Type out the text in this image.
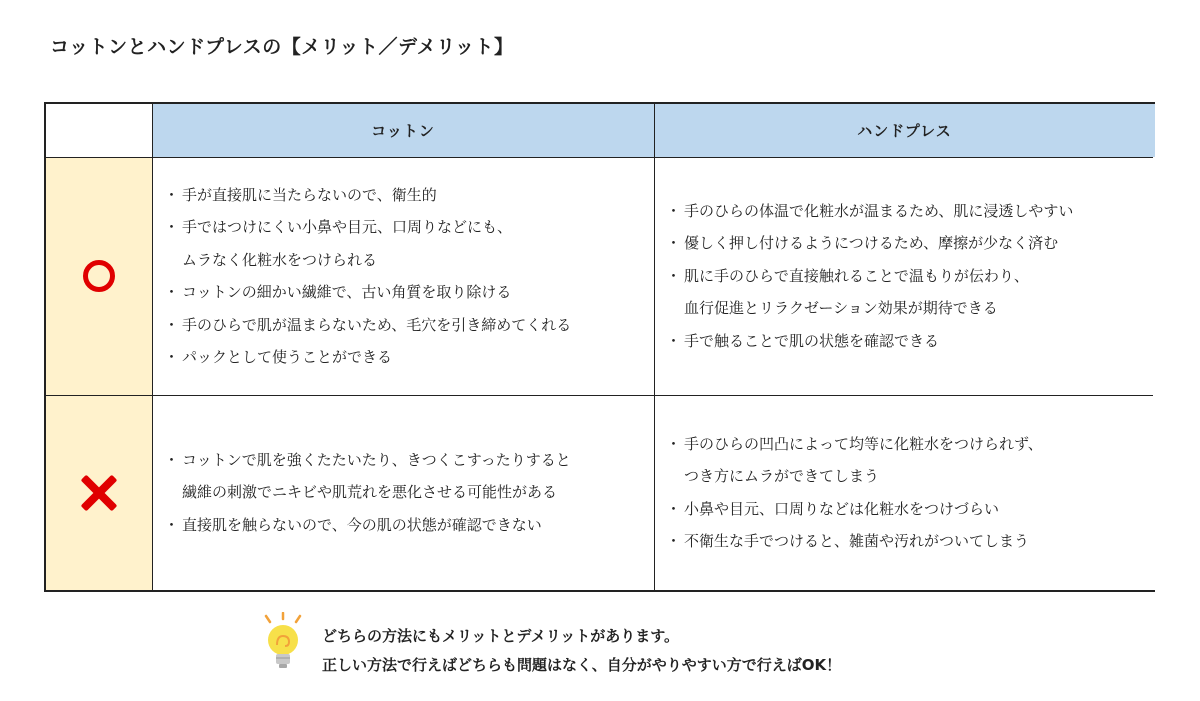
コットンとハンドプレスの【メリット／デメリット】
コットン	ハンドプレス
・ 手が直接肌に当たらないので、衛生的
・ 手ではつけにくい小鼻や目元、口周りなどにも、
ムラなく化粧水をつけられる
・ コットンの細かい繊維で、古い角質を取り除ける
・ 手のひらで肌が温まらないため、毛穴を引き締めてくれる
・ パックとして使うことができる
・ 手のひらの体温で化粧水が温まるため、肌に浸透しやすい
・ 優しく押し付けるようにつけるため、摩擦が少なく済む
・ 肌に手のひらで直接触れることで温もりが伝わり、
血行促進とリラクゼーション効果が期待できる
・ 手で触ることで肌の状態を確認できる
・ コットンで肌を強くたたいたり、きつくこすったりすると
繊維の刺激でニキビや肌荒れを悪化させる可能性がある
・ 直接肌を触らないので、今の肌の状態が確認できない
・ 手のひらの凹凸によって均等に化粧水をつけられず、
つき方にムラができてしまう
・ 小鼻や目元、口周りなどは化粧水をつけづらい
・ 不衛生な手でつけると、雑菌や汚れがついてしまう
どちらの方法にもメリットとデメリットがあります。
正しい方法で行えばどちらも問題はなく、自分がやりやすい方で行えばOK！
